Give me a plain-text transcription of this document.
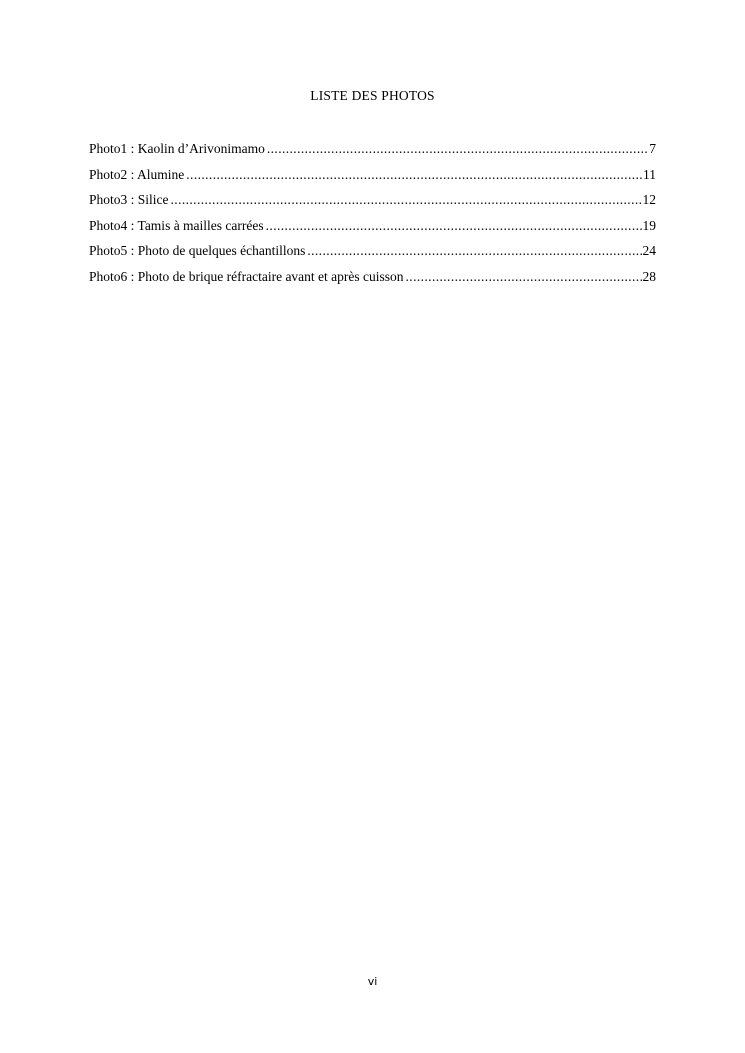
LISTE DES PHOTOS
Photo1 : Kaolin d’Arivonimamo .....	7
Photo2 : Alumine .....	11
Photo3 : Silice .....	12
Photo4 : Tamis à mailles carrées .....	19
Photo5 : Photo de quelques échantillons .....	24
Photo6 : Photo de brique réfractaire avant et après cuisson .....	28
vi
